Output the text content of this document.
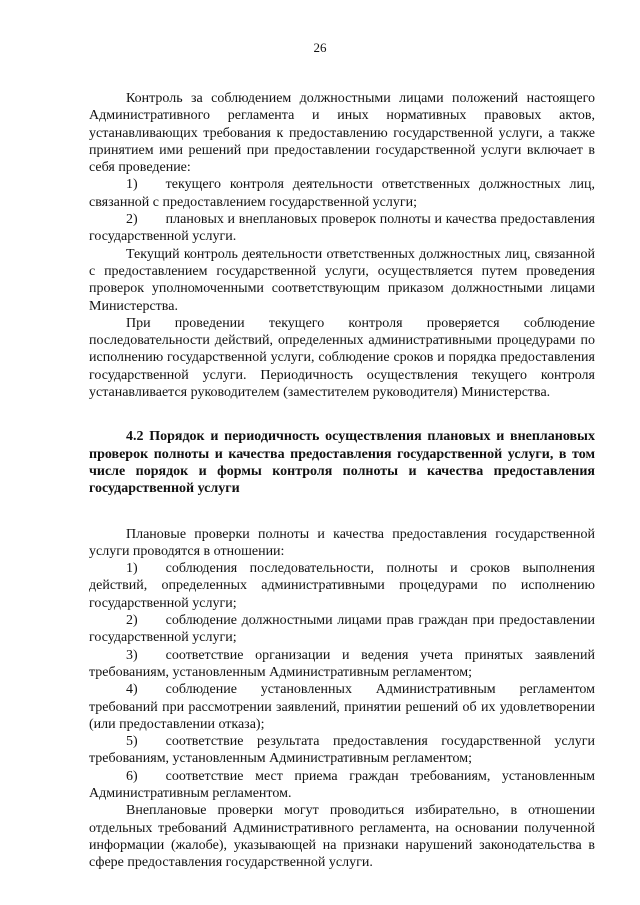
26

Контроль за соблюдением должностными лицами положений настоящего Административного регламента и иных нормативных правовых актов, устанавливающих требования к предоставлению государственной услуги, а также принятием ими решений при предоставлении государственной услуги включает в себя проведение:

1)  текущего контроля деятельности ответственных должностных лиц, связанной с предоставлением государственной услуги;

2)  плановых и внеплановых проверок полноты и качества предоставления государственной услуги.

Текущий контроль деятельности ответственных должностных лиц, связанной с предоставлением государственной услуги, осуществляется путем проведения проверок уполномоченными соответствующим приказом должностными лицами Министерства.

При проведении текущего контроля проверяется соблюдение последовательности действий, определенных административными процедурами по исполнению государственной услуги, соблюдение сроков и порядка предоставления государственной услуги. Периодичность осуществления текущего контроля устанавливается руководителем (заместителем руководителя) Министерства.

4.2 Порядок и периодичность осуществления плановых и внеплановых проверок полноты и качества предоставления государственной услуги, в том числе порядок и формы контроля полноты и качества предоставления государственной услуги

Плановые проверки полноты и качества предоставления государственной услуги проводятся в отношении:

1)  соблюдения последовательности, полноты и сроков выполнения действий, определенных административными процедурами по исполнению государственной услуги;

2)  соблюдение должностными лицами прав граждан при предоставлении государственной услуги;

3)  соответствие организации и ведения учета принятых заявлений требованиям, установленным Административным регламентом;

4)  соблюдение установленных Административным регламентом требований при рассмотрении заявлений, принятии решений об их удовлетворении (или предоставлении отказа);

5)  соответствие результата предоставления государственной услуги требованиям, установленным Административным регламентом;

6)  соответствие мест приема граждан требованиям, установленным Административным регламентом.

Внеплановые проверки могут проводиться избирательно, в отношении отдельных требований Административного регламента, на основании полученной информации (жалобе), указывающей на признаки нарушений законодательства в сфере предоставления государственной услуги.
